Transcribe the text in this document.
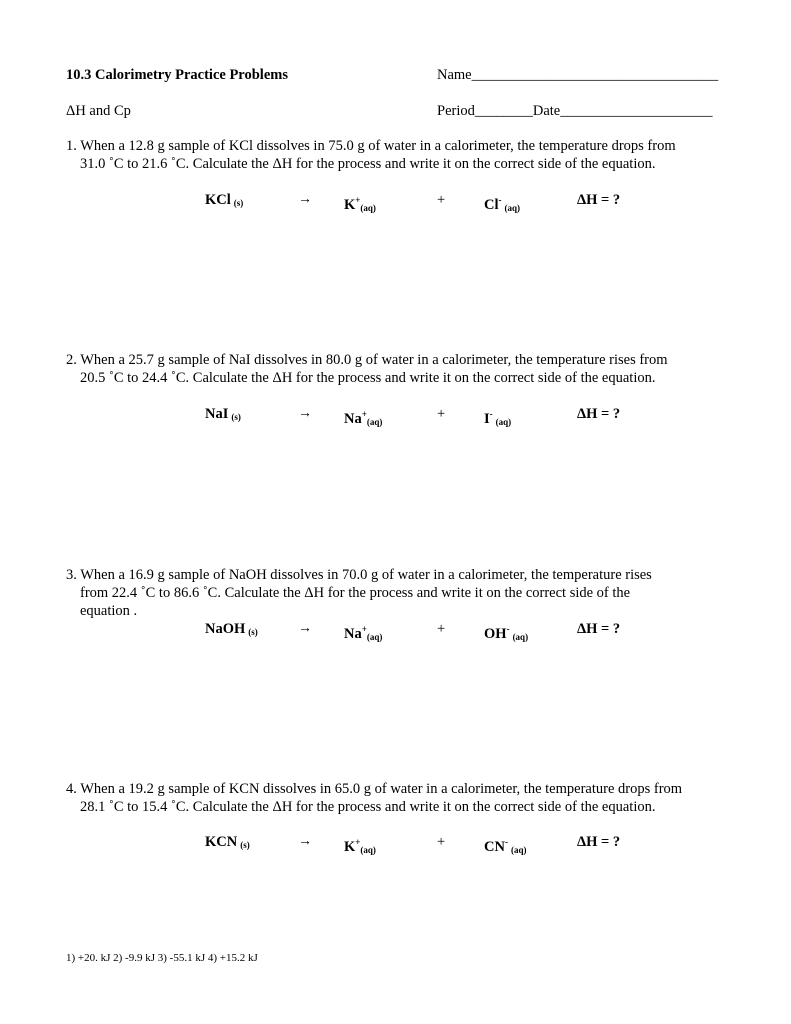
10.3 Calorimetry Practice Problems	Name__________________________________
ΔH and Cp	Period________Date_____________________
1. When a 12.8 g sample of KCl dissolves in 75.0 g of water in a calorimeter, the temperature drops from
31.0 ˚C to 21.6 ˚C. Calculate the ΔH for the process and write it on the correct side of the equation.
KCl $_{(s)}$	→ K+(aq)	+	$Cl^-_{(aq)}$	ΔH = ?
2. When a 25.7 g sample of NaI dissolves in 80.0 g of water in a calorimeter, the temperature rises from
20.5 ˚C to 24.4 ˚C. Calculate the ΔH for the process and write it on the correct side of the equation.
NaI $_{(s)}$	→ Na+(aq)	+	$I^-_{(aq)}$	ΔH = ?
3. When a 16.9 g sample of NaOH dissolves in 70.0 g of water in a calorimeter, the temperature rises
from 22.4 ˚C to 86.6 ˚C. Calculate the ΔH for the process and write it on the correct side of the
equation .
NaOH $_{(s)}$	→ Na+(aq)	+	$OH^-_{(aq)}$	ΔH = ?
4. When a 19.2 g sample of KCN dissolves in 65.0 g of water in a calorimeter, the temperature drops from
28.1 ˚C to 15.4 ˚C. Calculate the ΔH for the process and write it on the correct side of the equation.
KCN $_{(s)}$	→ K+(aq)	+	$CN^-_{(aq)}$	ΔH = ?
1) +20. kJ 2) -9.9 kJ 3) -55.1 kJ 4) +15.2 kJ
